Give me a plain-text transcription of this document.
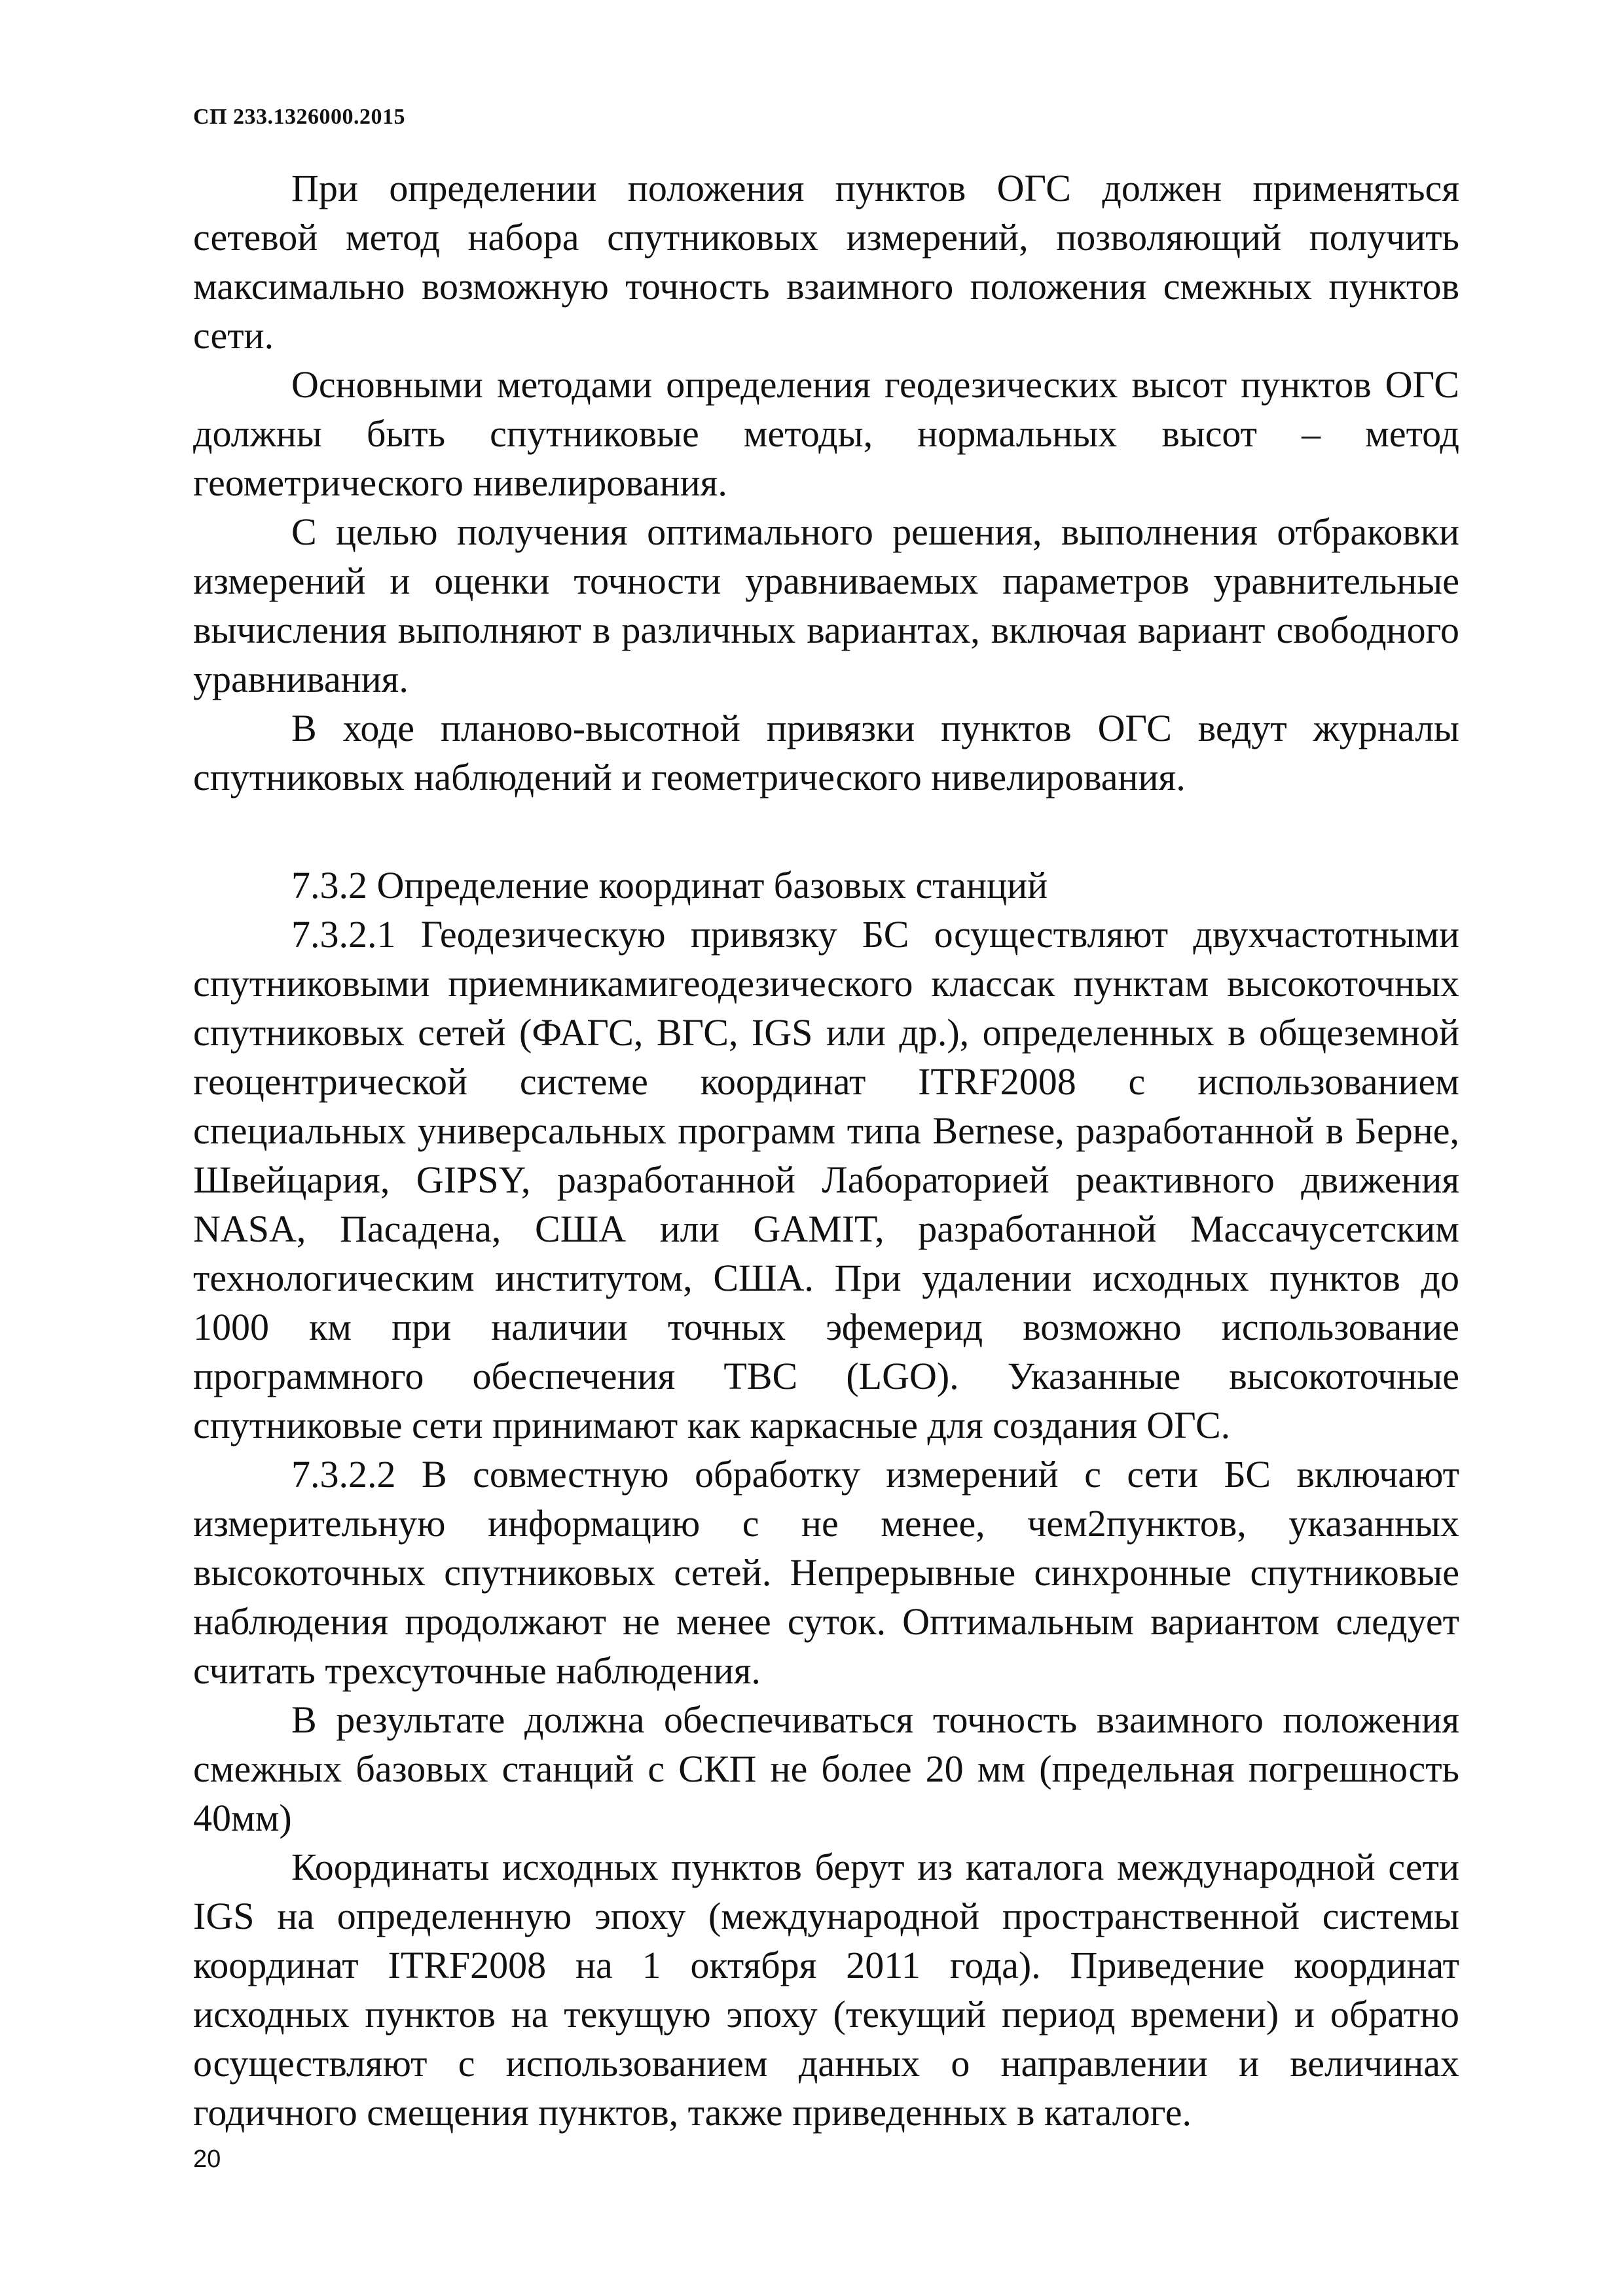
СП 233.1326000.2015

При определении положения пунктов ОГС должен применяться сетевой метод набора спутниковых измерений, позволяющий получить максимально возможную точность взаимного положения смежных пунктов сети.

Основными методами определения геодезических высот пунктов ОГС должны быть спутниковые методы, нормальных высот – метод геометрического нивелирования.

С целью получения оптимального решения, выполнения отбраковки измерений и оценки точности уравниваемых параметров уравнительные вычисления выполняют в различных вариантах, включая вариант свободного уравнивания.

В ходе планово-высотной привязки пунктов ОГС ведут журналы спутниковых наблюдений и геометрического нивелирования.

7.3.2 Определение координат базовых станций

7.3.2.1 Геодезическую привязку БС осуществляют двухчастотными спутниковыми приемникамигеодезического классак пунктам высокоточных спутниковых сетей (ФАГС, ВГС, IGS или др.), определенных в общеземной геоцентрической системе координат ITRF2008 с использованием специальных универсальных программ типа Bernese, разработанной в Берне, Швейцария, GIPSY, разработанной Лабораторией реактивного движения NASA, Пасадена, США или GAMIT, разработанной Массачусетским технологическим институтом, США. При удалении исходных пунктов до 1000 км при наличии точных эфемерид возможно использование программного обеспечения TBC (LGO). Указанные высокоточные спутниковые сети принимают как каркасные для создания ОГС.

7.3.2.2 В совместную обработку измерений с сети БС включают измерительную информацию с не менее, чем2пунктов, указанных высокоточных спутниковых сетей. Непрерывные синхронные спутниковые наблюдения продолжают не менее суток. Оптимальным вариантом следует считать трехсуточные наблюдения.

В результате должна обеспечиваться точность взаимного положения смежных базовых станций с СКП не более 20 мм (предельная погрешность 40мм)

Координаты исходных пунктов берут из каталога международной сети IGS на определенную эпоху (международной пространственной системы координат ITRF2008 на 1 октября 2011 года). Приведение координат исходных пунктов на текущую эпоху (текущий период времени) и обратно осуществляют с использованием данных о направлении и величинах годичного смещения пунктов, также приведенных в каталоге.

20
